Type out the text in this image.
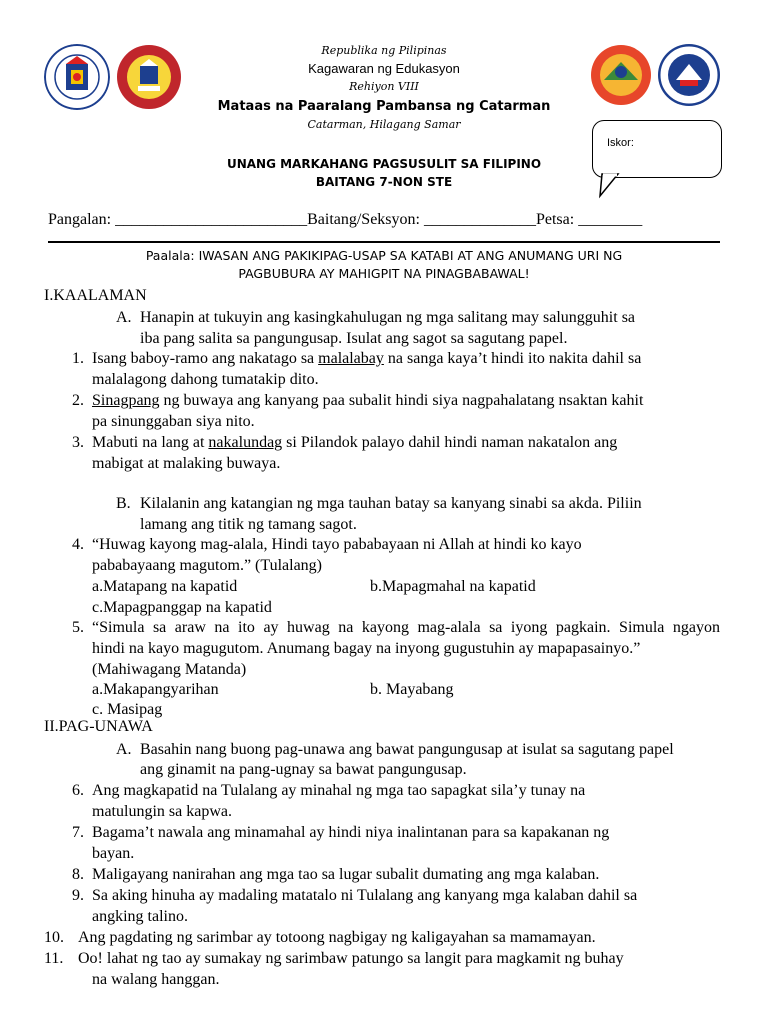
Republika ng Pilipinas
Kagawaran ng Edukasyon
Rehiyon VIII
Mataas na Paaralang Pambansa ng Catarman
Catarman, Hilagang Samar
Iskor:
UNANG MARKAHANG PAGSUSULIT SA FILIPINO
BAITANG 7-NON STE
Pangalan: ________________________Baitang/Seksyon: ______________Petsa: ________
Paalala: IWASAN ANG PAKIKIPAG-USAP SA KATABI AT ANG ANUMANG URI NG
PAGBUBURA AY MAHIGPIT NA PINAGBABAWAL!
I.KAALAMAN
A. Hanapin at tukuyin ang kasingkahulugan ng mga salitang may salungguhit sa
iba pang salita sa pangungusap. Isulat ang sagot sa sagutang papel.
1. Isang baboy-ramo ang nakatago sa malalabay na sanga kaya’t hindi ito nakita dahil sa
malalagong dahong tumatakip dito.
2. Sinagpang ng buwaya ang kanyang paa subalit hindi siya nagpahalatang nsaktan kahit
pa sinunggaban siya nito.
3. Mabuti na lang at nakalundag si Pilandok palayo dahil hindi naman nakatalon ang
mabigat at malaking buwaya.
B. Kilalanin ang katangian ng mga tauhan batay sa kanyang sinabi sa akda. Piliin
lamang ang titik ng tamang sagot.
4. “Huwag kayong mag-alala, Hindi tayo pababayaan ni Allah at hindi ko kayo
pababayaang magutom.” (Tulalang)
a.Matapang na kapatid	b.Mapagmahal na kapatid
c.Mapagpanggap na kapatid
5. “Simula sa araw na ito ay huwag na kayong mag-alala sa iyong pagkain. Simula ngayon
hindi na kayo magugutom. Anumang bagay na inyong gugustuhin ay mapapasainyo.”
(Mahiwagang Matanda)
a.Makapangyarihan	b. Mayabang
c. Masipag
II.PAG-UNAWA
A. Basahin nang buong pag-unawa ang bawat pangungusap at isulat sa sagutang papel
ang ginamit na pang-ugnay sa bawat pangungusap.
6. Ang magkapatid na Tulalang ay minahal ng mga tao sapagkat sila’y tunay na
matulungin sa kapwa.
7. Bagama’t nawala ang minamahal ay hindi niya inalintanan para sa kapakanan ng
bayan.
8. Maligayang nanirahan ang mga tao sa lugar subalit dumating ang mga kalaban.
9. Sa aking hinuha ay madaling matatalo ni Tulalang ang kanyang mga kalaban dahil sa
angking talino.
10. Ang pagdating ng sarimbar ay totoong nagbigay ng kaligayahan sa mamamayan.
11. Oo! lahat ng tao ay sumakay ng sarimbaw patungo sa langit para magkamit ng buhay
na walang hanggan.
